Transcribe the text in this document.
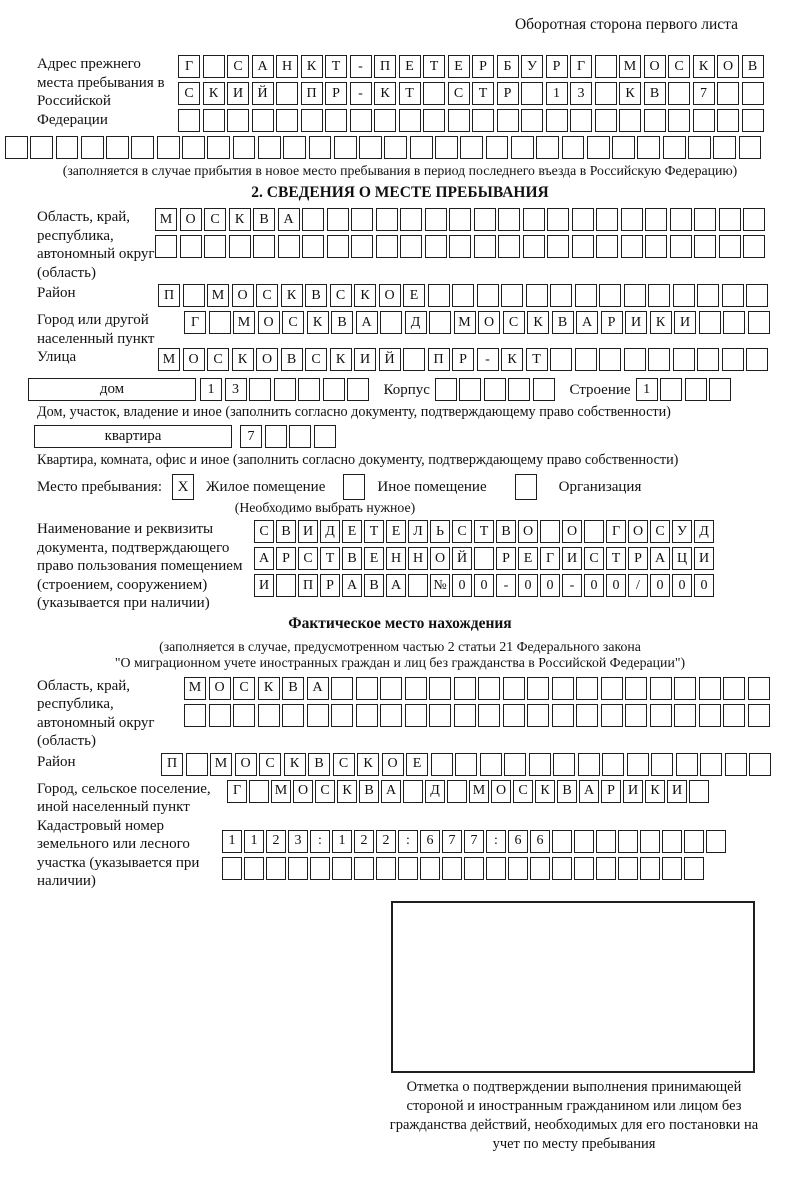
Оборотная сторона первого листа
Адрес прежнего места пребывания в Российской Федерации
Г	С	А	Н	К	Т	-	П	Е	Т	Е	Р	Б	У	Р	Г	М О	С	К	О	В
С	К	И	Й	П	Р	-	К	Т	С	Т	Р	1	3	К	В	7
(заполняется в случае прибытия в новое место пребывания в период последнего въезда в Российскую Федерацию)
2. СВЕДЕНИЯ О МЕСТЕ ПРЕБЫВАНИЯ
Область, край, республика, автономный округ (область)
М О	С	К	В	А
Район	П	М О	С	К	В	С	К	О	Е
Город или другой населенный пункт
Г	М О	С	К	В	А	Д	М О	С	К	В	А	Р	И	К	И
Улица	М О	С	К	О	В	С	К	И	Й	П	Р	-	К	Т
дом	1	3	Корпус	Строение 1
Дом, участок, владение и иное (заполнить согласно документу, подтверждающему право собственности)
квартира	7
Квартира, комната, офис и иное (заполнить согласно документу, подтверждающему право собственности)
Место пребывания:	X	Жилое помещение	Иное помещение	Организация
(Необходимо выбрать нужное)
Наименование и реквизиты документа, подтверждающего право пользования помещением (строением, сооружением) (указывается при наличии)
С В И Д Е Т Е Л Ь С Т В О	О	Г О С У Д
А Р С Т В Е Н Н О Й	Р Е Г И С Т Р А Ц И
И	П Р А В А	№ 0	0	-	0	0	-	0	0	/	0	0	0
Фактическое место нахождения
(заполняется в случае, предусмотренном частью 2 статьи 21 Федерального закона
"О миграционном учете иностранных граждан и лиц без гражданства в Российской Федерации")
Область, край, республика, автономный округ (область)
М О	С	К	В	А
Район	П	М О	С	К	В	С	К	О	Е
Город, сельское поселение, иной населенный пункт
Г	М О С К В А	Д	М О С К В А Р И К И
Кадастровый номер земельного или лесного участка (указывается при наличии)
1	1	2	3	:	1	2	2	:	6	7	7	:	6	6
Отметка о подтверждении выполнения принимающей стороной и иностранным гражданином или лицом без гражданства действий, необходимых для его постановки на учет по месту пребывания
